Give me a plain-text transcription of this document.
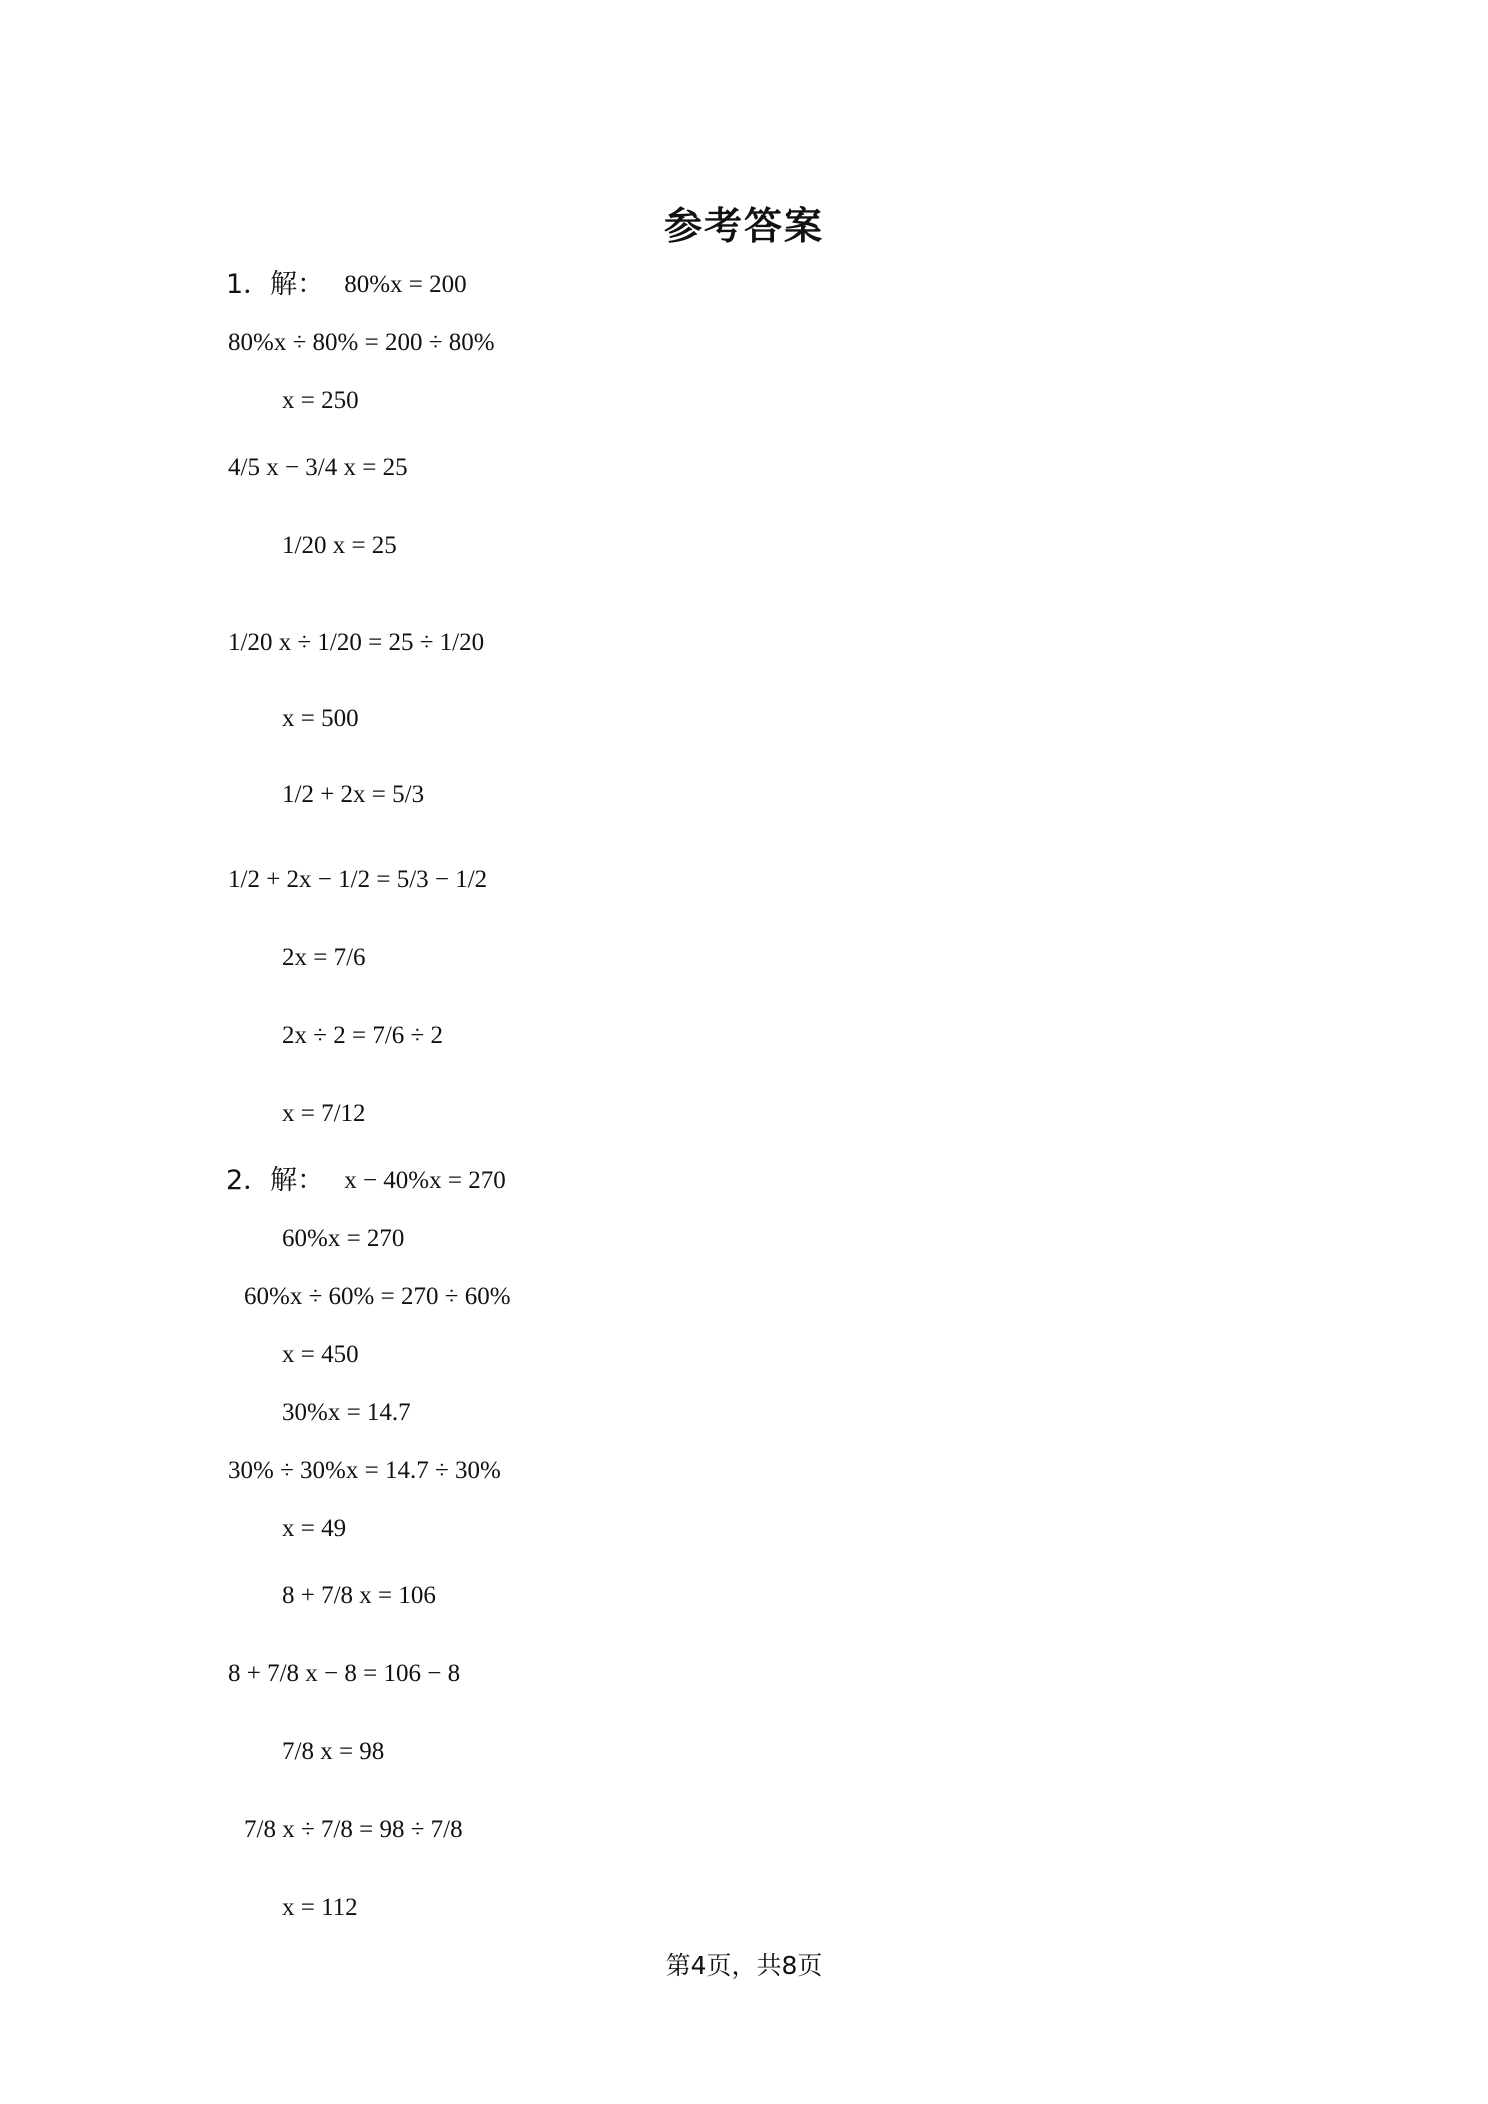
参考答案
1．解： 80%x = 200
80%x ÷ 80% = 200 ÷ 80%
x = 250
4/5 x − 3/4 x = 25
1/20 x = 25
1/20 x ÷ 1/20 = 25 ÷ 1/20
x = 500
1/2 + 2x = 5/3
1/2 + 2x − 1/2 = 5/3 − 1/2
2x = 7/6
2x ÷ 2 = 7/6 ÷ 2
x = 7/12
2．解： x − 40%x = 270
60%x = 270
60%x ÷ 60% = 270 ÷ 60%
x = 450
30%x = 14.7
30% ÷ 30%x = 14.7 ÷ 30%
x = 49
8 + 7/8 x = 106
8 + 7/8 x − 8 = 106 − 8
7/8 x = 98
7/8 x ÷ 7/8 = 98 ÷ 7/8
x = 112
第4页，共8页
